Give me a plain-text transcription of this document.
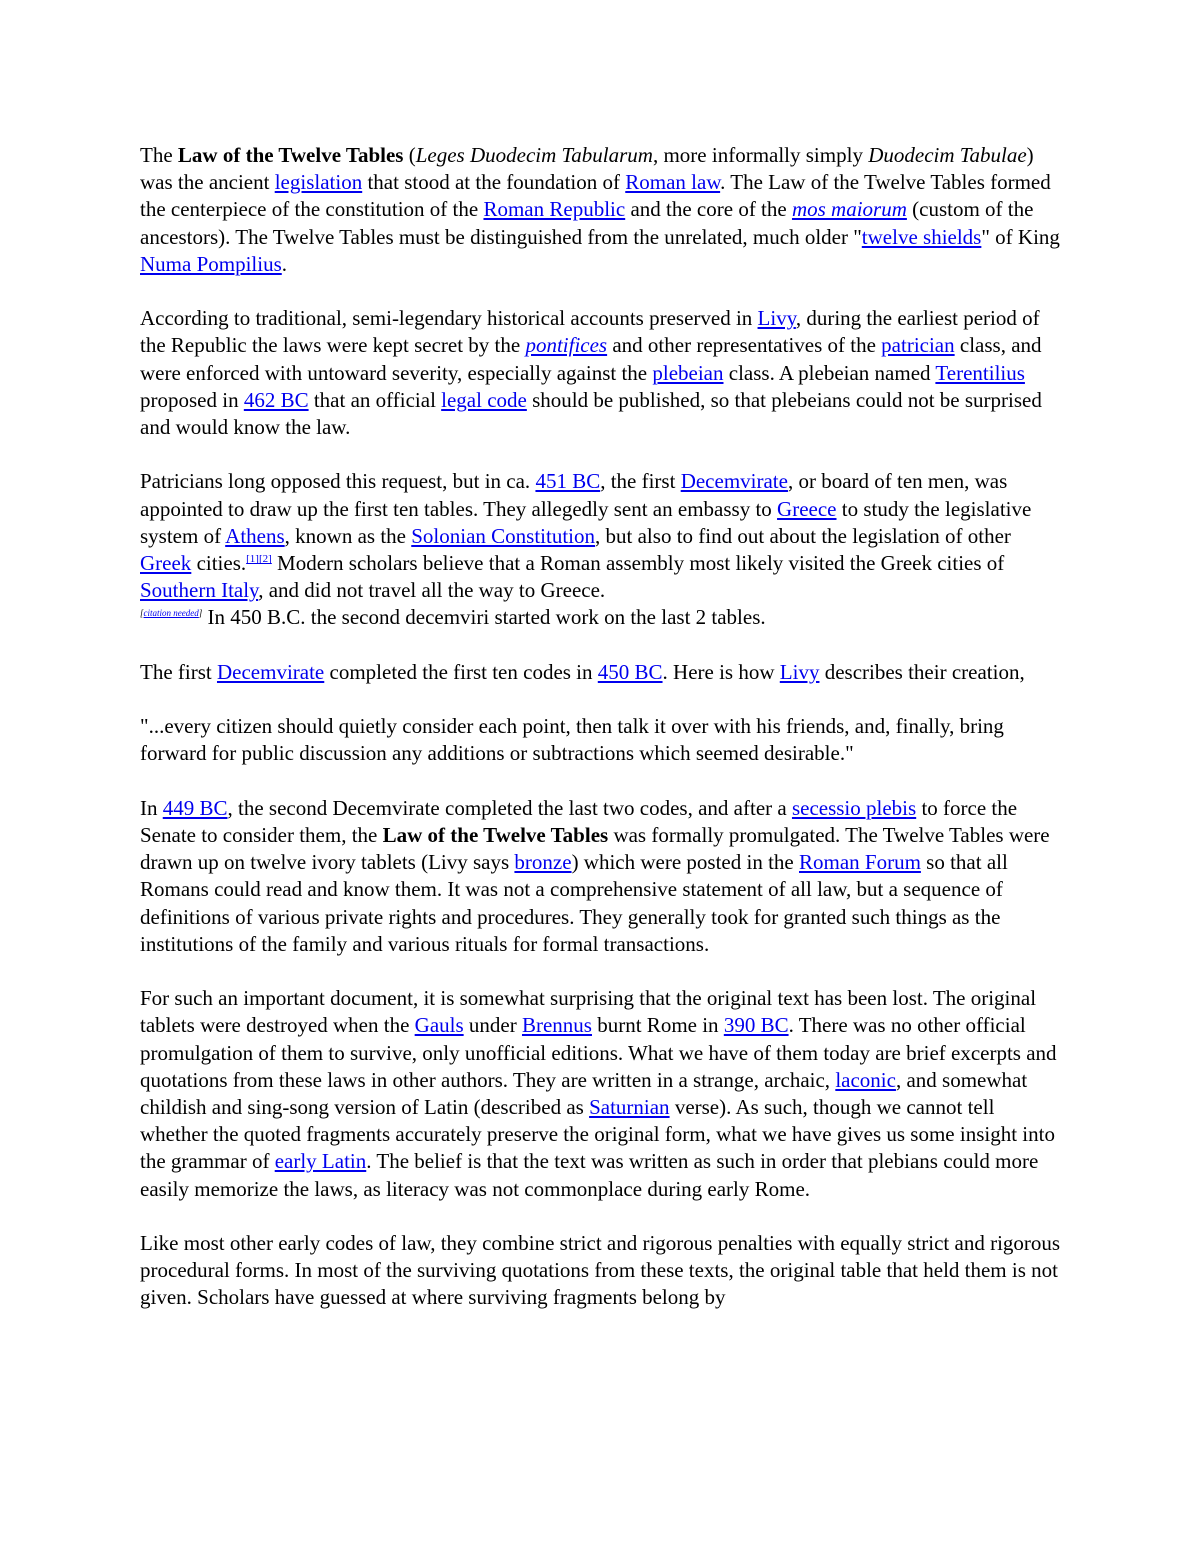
The Law of the Twelve Tables (Leges Duodecim Tabularum, more informally simply Duodecim Tabulae) was the ancient legislation that stood at the foundation of Roman law. The Law of the Twelve Tables formed the centerpiece of the constitution of the Roman Republic and the core of the mos maiorum (custom of the ancestors). The Twelve Tables must be distinguished from the unrelated, much older "twelve shields" of King Numa Pompilius.

According to traditional, semi-legendary historical accounts preserved in Livy, during the earliest period of the Republic the laws were kept secret by the pontifices and other representatives of the patrician class, and were enforced with untoward severity, especially against the plebeian class. A plebeian named Terentilius proposed in 462 BC that an official legal code should be published, so that plebeians could not be surprised and would know the law.

Patricians long opposed this request, but in ca. 451 BC, the first Decemvirate, or board of ten men, was appointed to draw up the first ten tables. They allegedly sent an embassy to Greece to study the legislative system of Athens, known as the Solonian Constitution, but also to find out about the legislation of other Greek cities.[1][2] Modern scholars believe that a Roman assembly most likely visited the Greek cities of Southern Italy, and did not travel all the way to Greece.
[citation needed] In 450 B.C. the second decemviri started work on the last 2 tables.

The first Decemvirate completed the first ten codes in 450 BC. Here is how Livy describes their creation,

"...every citizen should quietly consider each point, then talk it over with his friends, and, finally, bring forward for public discussion any additions or subtractions which seemed desirable."

In 449 BC, the second Decemvirate completed the last two codes, and after a secessio plebis to force the Senate to consider them, the Law of the Twelve Tables was formally promulgated. The Twelve Tables were drawn up on twelve ivory tablets (Livy says bronze) which were posted in the Roman Forum so that all Romans could read and know them. It was not a comprehensive statement of all law, but a sequence of definitions of various private rights and procedures. They generally took for granted such things as the institutions of the family and various rituals for formal transactions.

For such an important document, it is somewhat surprising that the original text has been lost. The original tablets were destroyed when the Gauls under Brennus burnt Rome in 390 BC. There was no other official promulgation of them to survive, only unofficial editions. What we have of them today are brief excerpts and quotations from these laws in other authors. They are written in a strange, archaic, laconic, and somewhat childish and sing-song version of Latin (described as Saturnian verse). As such, though we cannot tell whether the quoted fragments accurately preserve the original form, what we have gives us some insight into the grammar of early Latin. The belief is that the text was written as such in order that plebians could more easily memorize the laws, as literacy was not commonplace during early Rome.

Like most other early codes of law, they combine strict and rigorous penalties with equally strict and rigorous procedural forms. In most of the surviving quotations from these texts, the original table that held them is not given. Scholars have guessed at where surviving fragments belong by
